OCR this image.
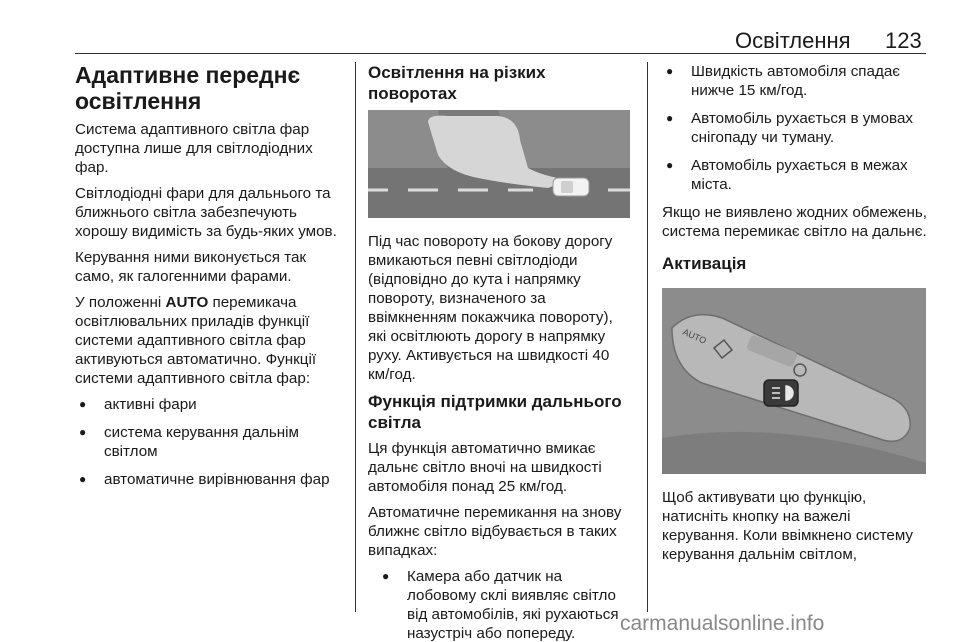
Освітлення 123
Адаптивне переднє освітлення

Система адаптивного світла фар доступна лише для світлодіодних фар.

Світлодіодні фари для дальнього та ближнього світла забезпечують хорошу видимість за будь-яких умов.

Керування ними виконується так само, як галогенними фарами.

У положенні AUTO перемикача освітлювальних приладів функції системи адаптивного світла фар активуються автоматично. Функції системи адаптивного світла фар:

● активні фари
● система керування дальнім світлом
● автоматичне вирівнювання фар
Освітлення на різких поворотах

Під час повороту на бокову дорогу вмикаються певні світлодіоди (відповідно до кута і напрямку повороту, визначеного за ввімкненням покажчика повороту), які освітлюють дорогу в напрямку руху. Активується на швидкості 40 км/год.

Функція підтримки дальнього світла

Ця функція автоматично вмикає дальнє світло вночі на швидкості автомобіля понад 25 км/год.

Автоматичне перемикання на знову ближнє світло відбувається в таких випадках:

● Камера або датчик на лобовому склі виявляє світло від автомобілів, які рухаються назустріч або попереду.
● Швидкість автомобіля спадає нижче 15 км/год.
● Автомобіль рухається в умовах снігопаду чи туману.
● Автомобіль рухається в межах міста.

Якщо не виявлено жодних обмежень, система перемикає світло на дальнє.

Активація
AUTO

Щоб активувати цю функцію, натисніть кнопку на важелі керування. Коли ввімкнено систему керування дальнім світлом,

carmanualsonline.info
